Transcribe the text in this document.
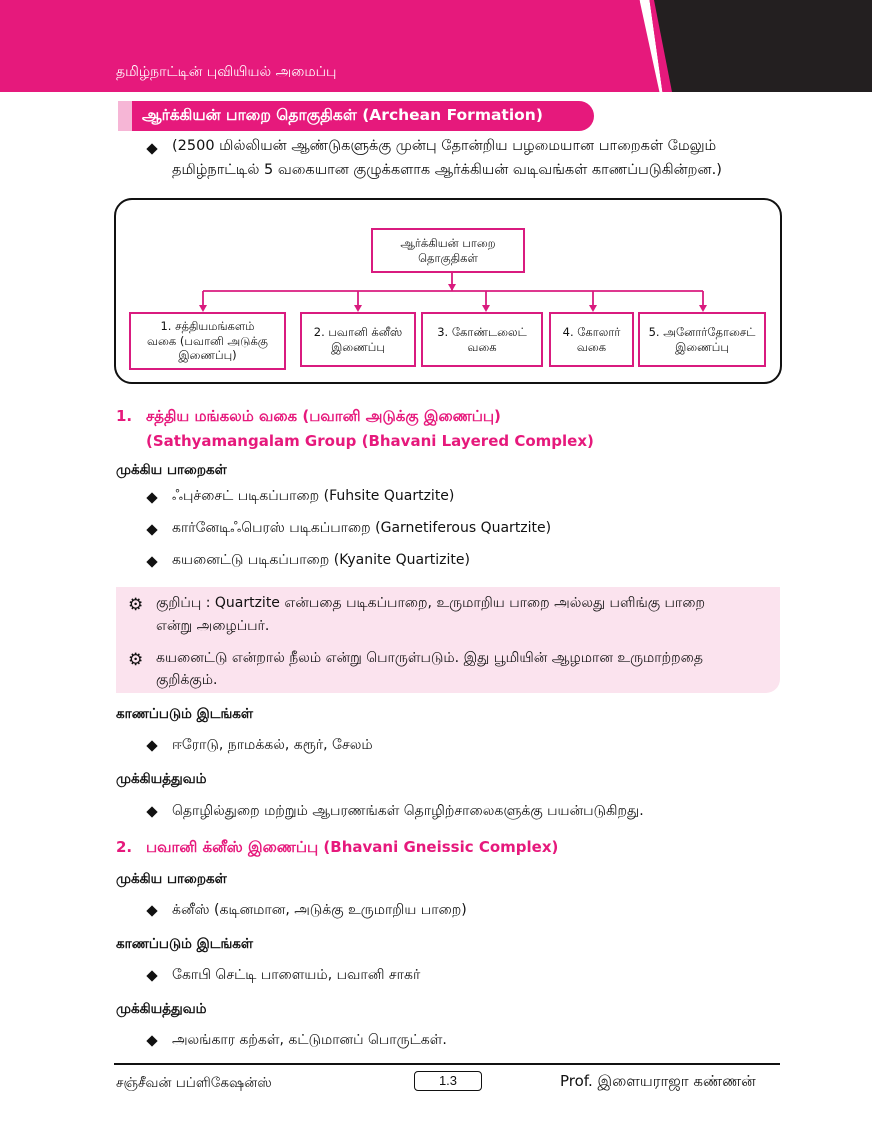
தமிழ்நாட்டின் புவியியல் அமைப்பு
ஆர்க்கியன் பாறை தொகுதிகள் (Archean Formation)
(2500 மில்லியன் ஆண்டுகளுக்கு முன்பு தோன்றிய பழமையான பாறைகள் மேலும்
தமிழ்நாட்டில் 5 வகையான குழுக்களாக ஆர்க்கியன் வடிவங்கள் காணப்படுகின்றன.)
ஆர்க்கியன் பாறை
தொகுதிகள்
1. சத்தியமங்களம்
வகை (பவானி அடுக்கு
இணைப்பு)
2. பவானி க்னீஸ்
இணைப்பு
3. கோண்டலைட்
வகை
4. கோலார்
வகை
5. அனோர்தோசைட்
இணைப்பு
1. சத்திய மங்கலம் வகை (பவானி அடுக்கு இணைப்பு)
(Sathyamangalam Group (Bhavani Layered Complex)
முக்கிய பாறைகள்
ஃபுச்சைட் படிகப்பாறை (Fuhsite Quartzite)
கார்னேடிஃபெரஸ் படிகப்பாறை (Garnetiferous Quartzite)
கயனைட்டு படிகப்பாறை (Kyanite Quartizite)
⚙ குறிப்பு : Quartzite என்பதை படிகப்பாறை, உருமாறிய பாறை அல்லது பளிங்கு பாறை
என்று அழைப்பர்.
⚙ கயனைட்டு என்றால் நீலம் என்று பொருள்படும். இது பூமியின் ஆழமான உருமாற்றதை
குறிக்கும்.
காணப்படும் இடங்கள்
ஈரோடு, நாமக்கல், கரூர், சேலம்
முக்கியத்துவம்
தொழில்துறை மற்றும் ஆபரணங்கள் தொழிற்சாலைகளுக்கு பயன்படுகிறது.
2. பவானி க்னீஸ் இணைப்பு (Bhavani Gneissic Complex)
முக்கிய பாறைகள்
க்னீஸ் (கடினமான, அடுக்கு உருமாறிய பாறை)
காணப்படும் இடங்கள்
கோபி செட்டி பாளையம், பவானி சாகர்
முக்கியத்துவம்
அலங்கார கற்கள், கட்டுமானப் பொருட்கள்.
சஞ்சீவன் பப்ளிகேஷன்ஸ்	1.3	Prof. இளையராஜா கண்ணன்
